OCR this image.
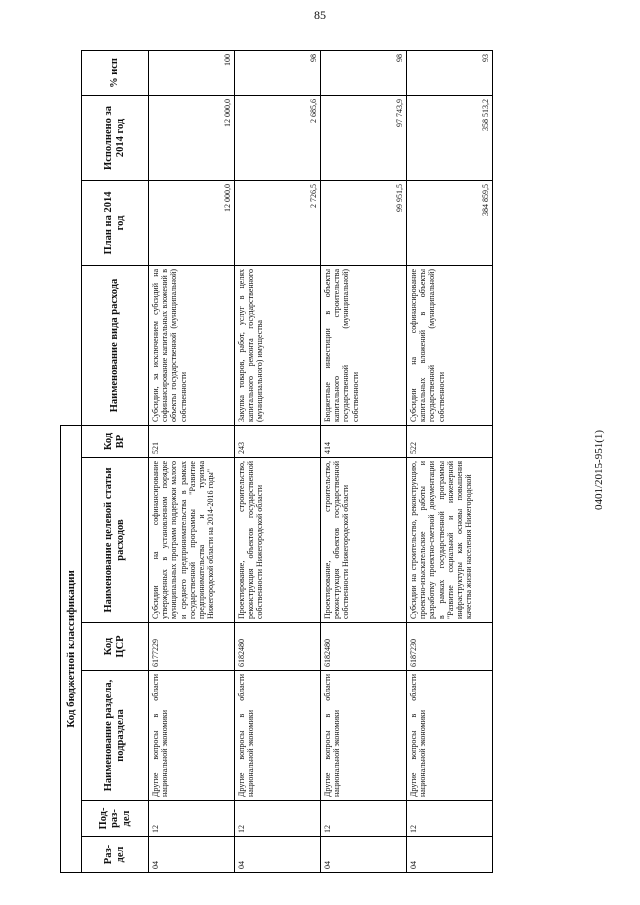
85
0401/2015-951(1)
Код бюджетной классификации									
Раз-дел	Под-раз-дел	Наименование раздела, подраздела	Код ЦСР	Наименование целевой статьи расходов	Код ВР	Наименование вида расхода	План на 2014 год	Исполнено за 2014 год	% исп
04	12	Другие вопросы в области национальной экономики	6177229	Субсидии на софинансирование утвержденных в установленном порядке муниципальных программ поддержки малого и среднего предпринимательства в рамках государственной программы "Развитие предпринимательства и туризма Нижегородской области на 2014-2016 годы"	521	Субсидии, за исключением субсидий на софинансирование капитальных вложений в объекты государственной (муниципальной) собственности	12 000,0	12 000,0	100
04	12	Другие вопросы в области национальной экономики	6182480	Проектирование, строительство, реконструкция объектов государственной собственности Нижегородской области	243	Закупка товаров, работ, услуг в целях капитального ремонта государственного (муниципального) имущества	2 726,5	2 685,6	98
04	12	Другие вопросы в области национальной экономики	6182480	Проектирование, строительство, реконструкция объектов государственной собственности Нижегородской области	414	Бюджетные инвестиции в объекты капитального строительства государственной (муниципальной) собственности	99 951,5	97 743,9	98
04	12	Другие вопросы в области национальной экономики	6187230	Субсидии на строительство, реконструкцию, проектно-изыскательские работы и разработку проектно-сметной документации в рамках государственной программы "Развитие социальной и инженерной инфраструктуры как основы повышения качества жизни населения Нижегородской	522	Субсидии на софинансирование капитальных вложений в объекты государственной (муниципальной) собственности	384 859,5	358 513,2	93
